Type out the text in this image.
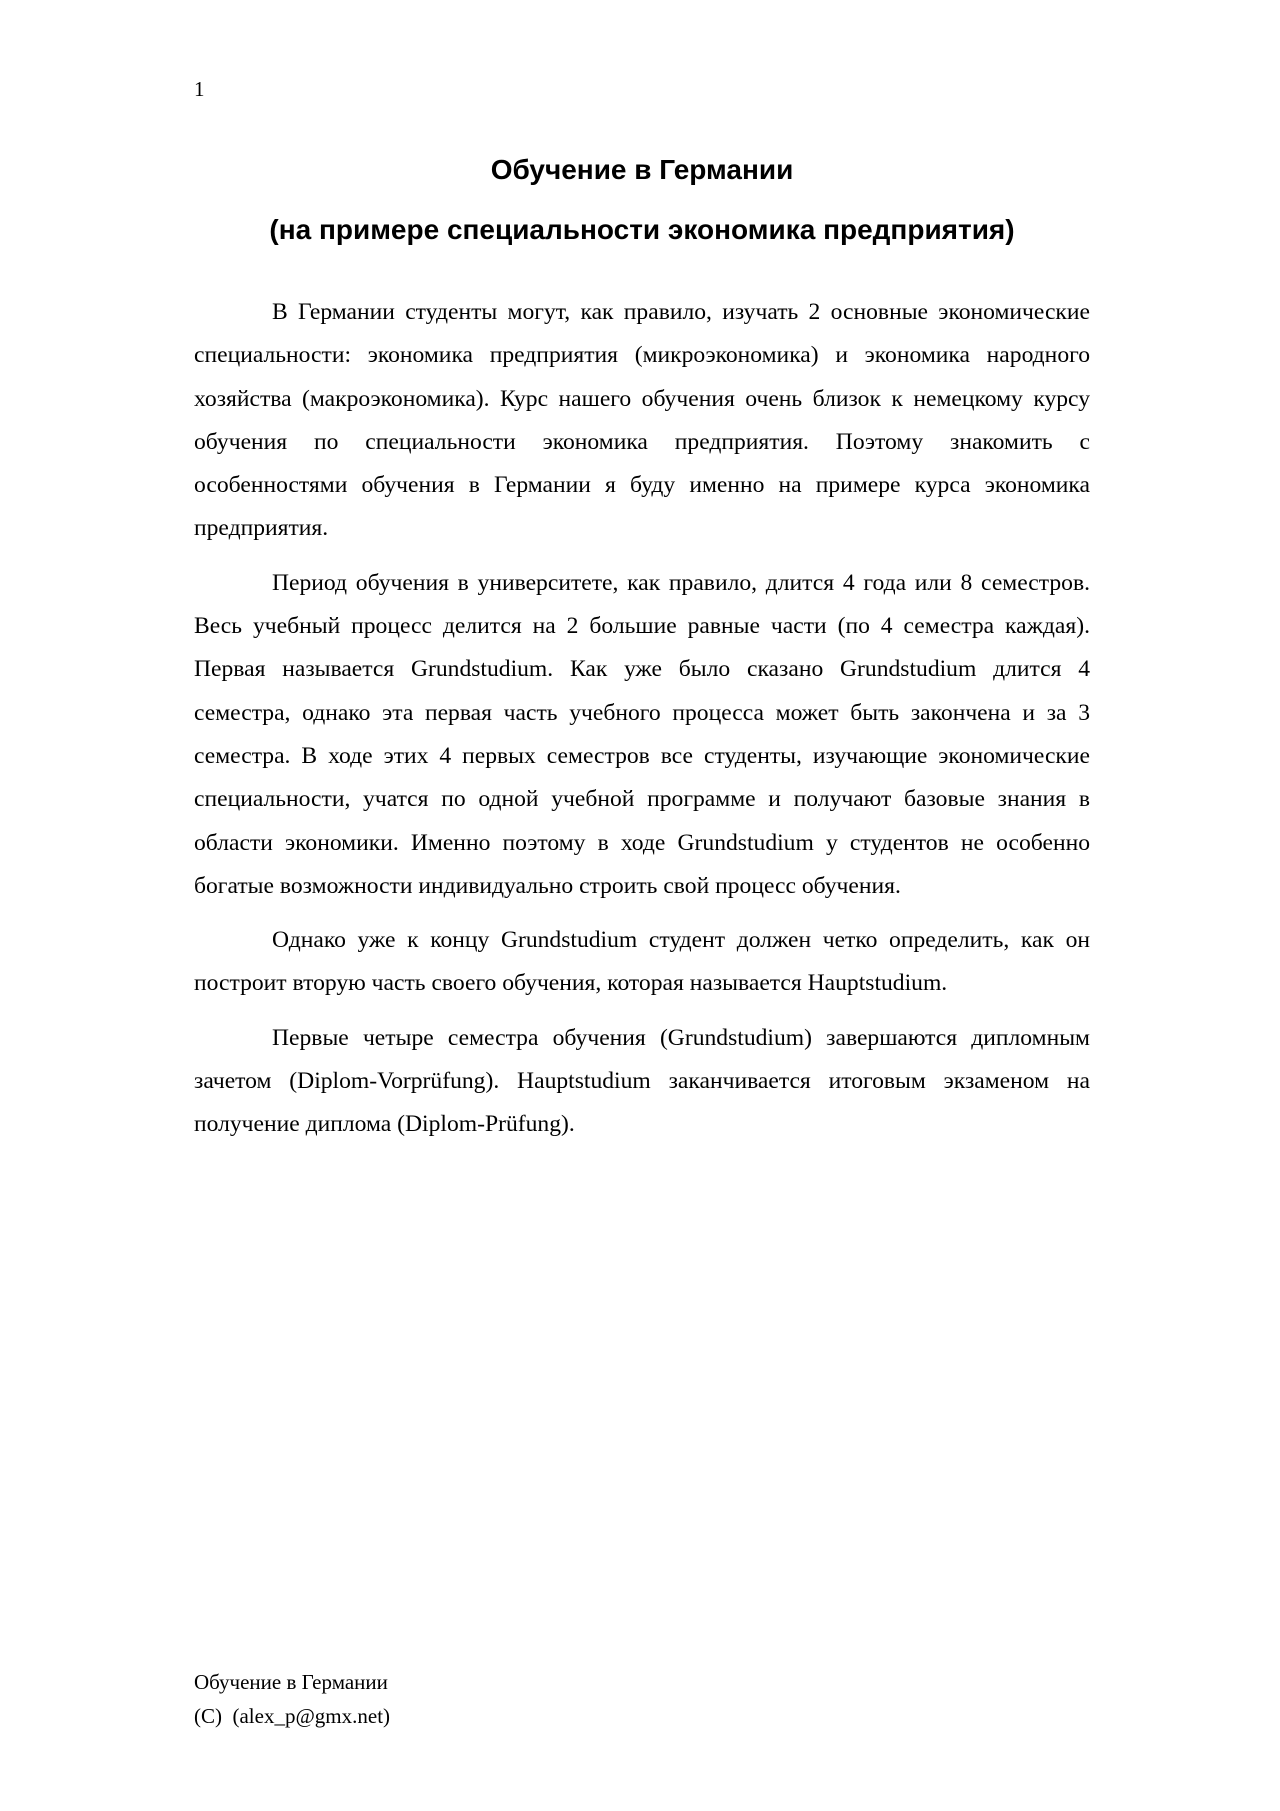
1
Обучение в Германии
(на примере специальности экономика предприятия)

В Германии студенты могут, как правило, изучать 2 основные экономические специальности: экономика предприятия (микроэкономика) и экономика народного хозяйства (макроэкономика). Курс нашего обучения очень близок к немецкому курсу обучения по специальности экономика предприятия. Поэтому знакомить с особенностями обучения в Германии я буду именно на примере курса экономика предприятия.

Период обучения в университете, как правило, длится 4 года или 8 семестров. Весь учебный процесс делится на 2 большие равные части (по 4 семестра каждая). Первая называется Grundstudium. Как уже было сказано Grundstudium длится 4 семестра, однако эта первая часть учебного процесса может быть закончена и за 3 семестра. В ходе этих 4 первых семестров все студенты, изучающие экономические специальности, учатся по одной учебной программе и получают базовые знания в области экономики. Именно поэтому в ходе Grundstudium у студентов не особенно богатые возможности индивидуально строить свой процесс обучения.

Однако уже к концу Grundstudium студент должен четко определить, как он построит вторую часть своего обучения, которая называется Hauptstudium.

Первые четыре семестра обучения (Grundstudium) завершаются дипломным зачетом (Diplom-Vorprüfung). Hauptstudium заканчивается итоговым экзаменом на получение диплома (Diplom-Prüfung).

Обучение в Германии
(C)  (alex_p@gmx.net)
